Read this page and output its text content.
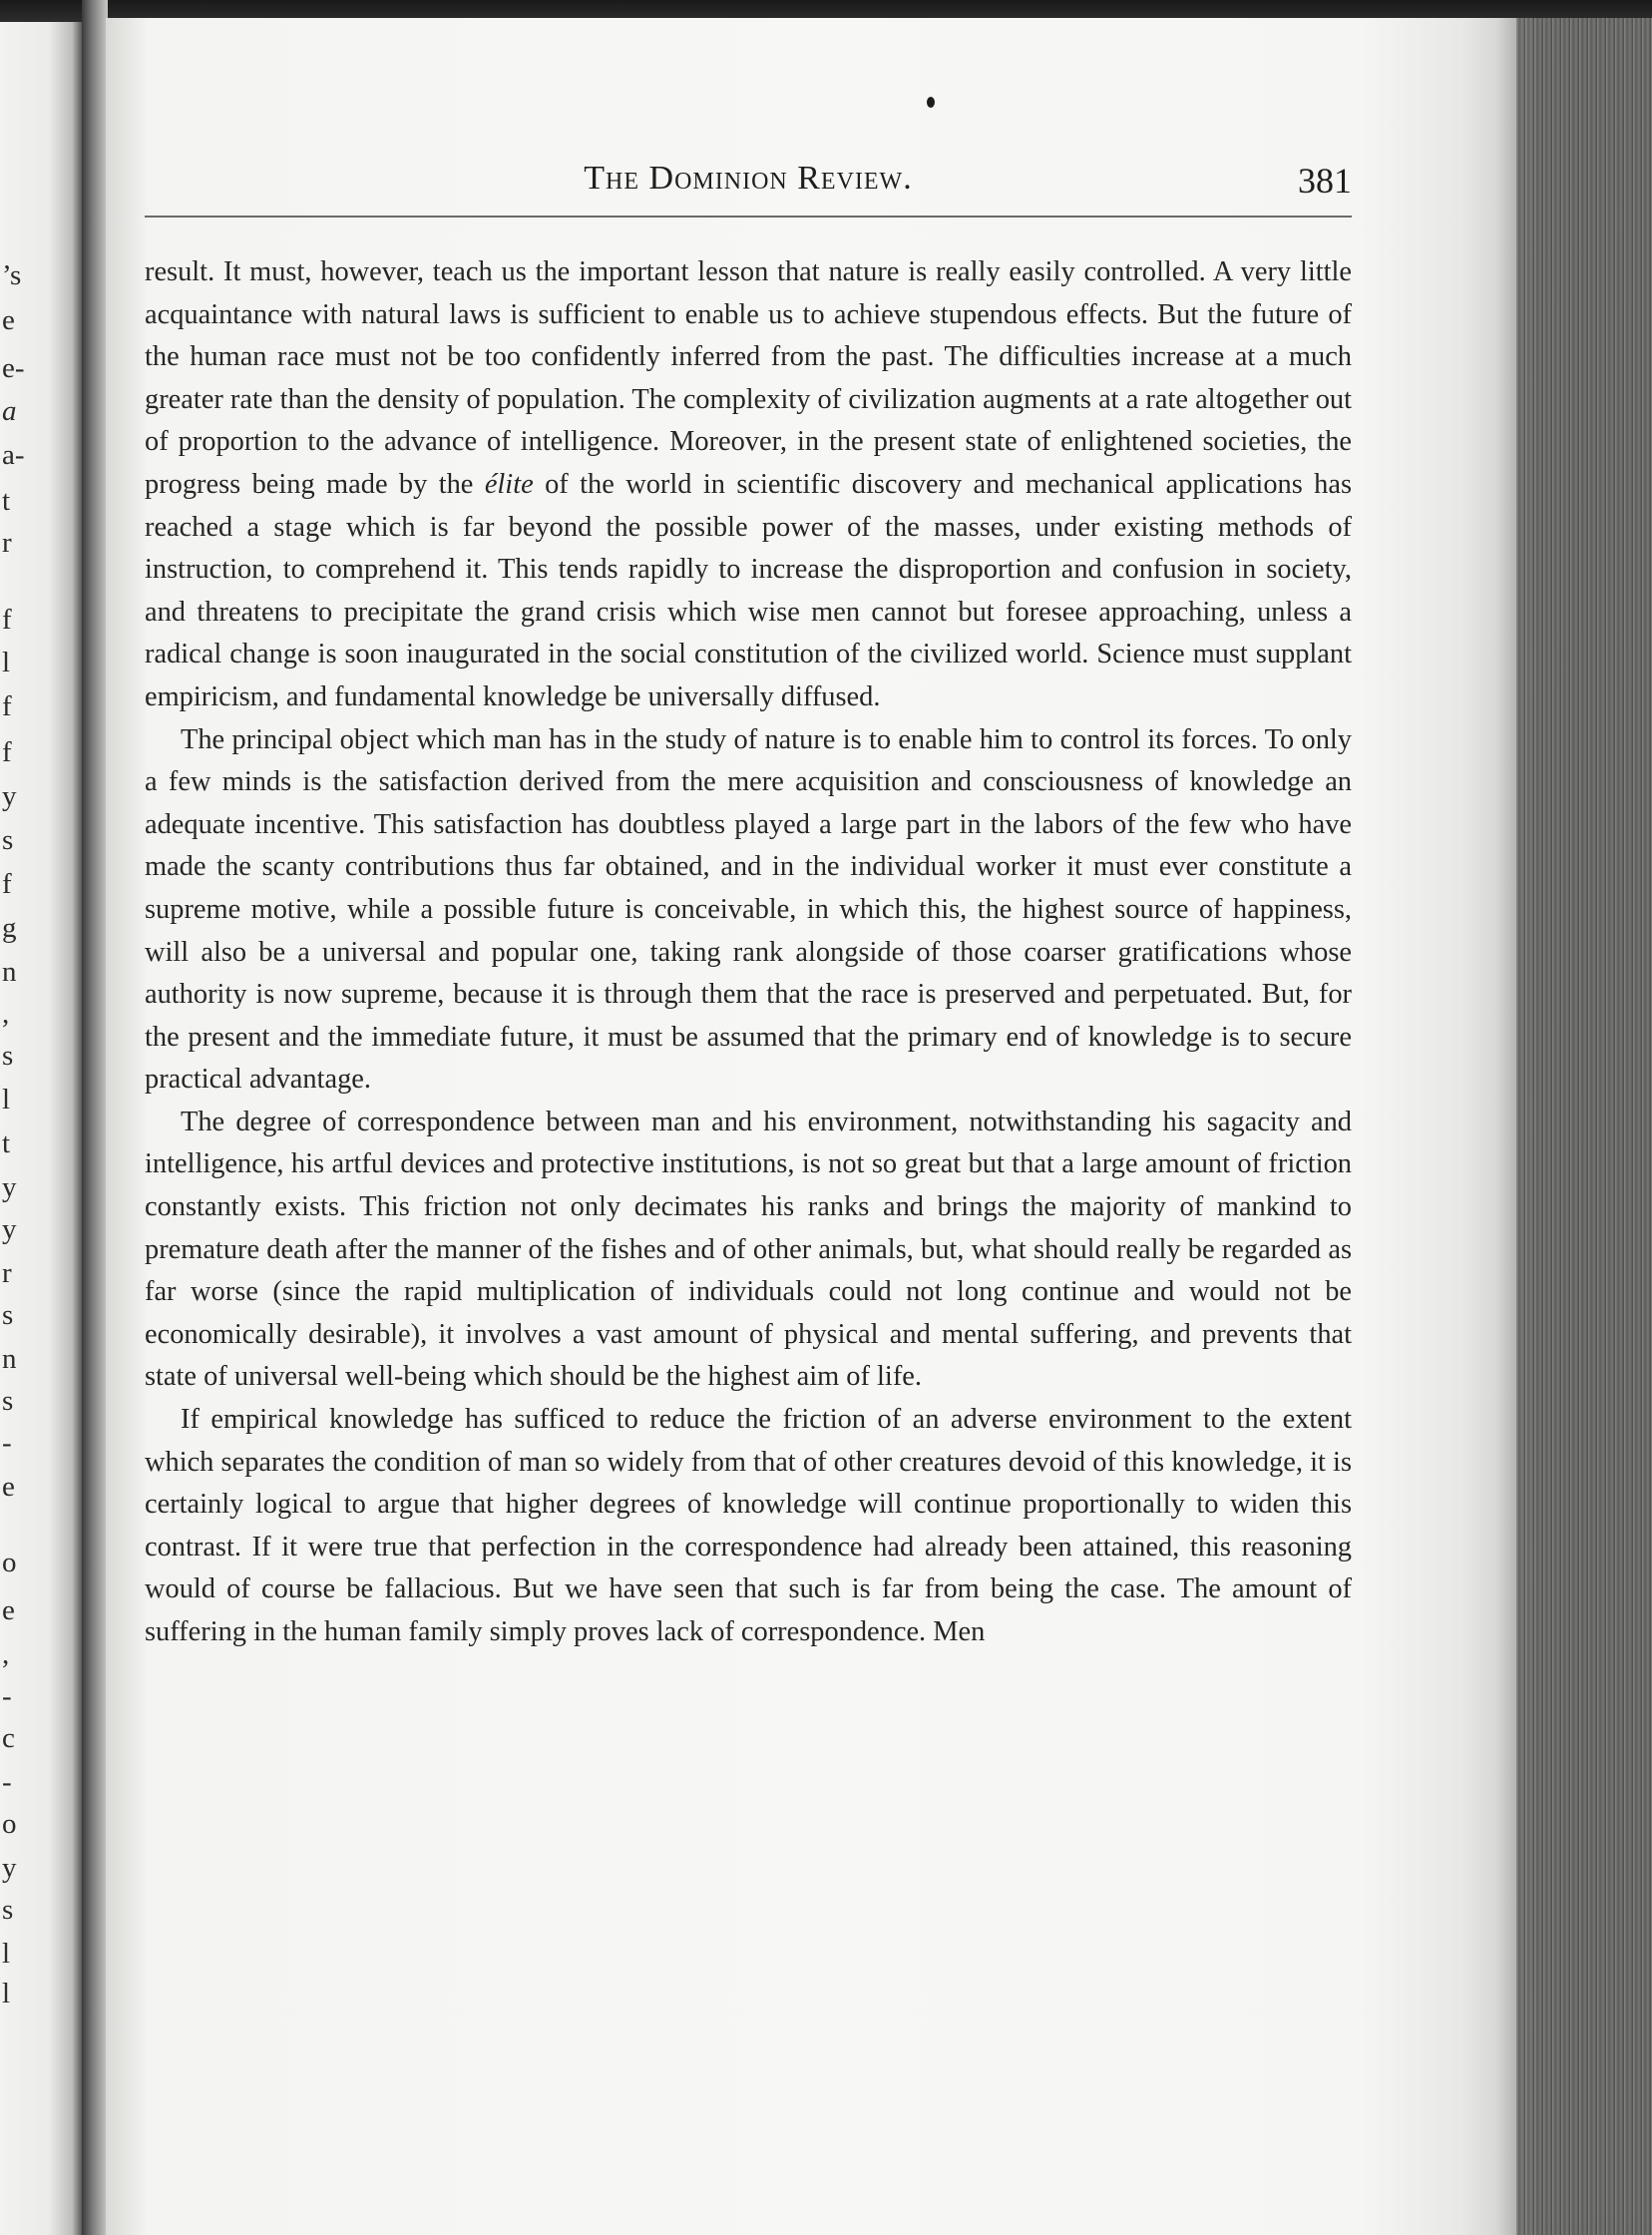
’s
e
e-
a
a-
t
r
f
l
f
f
y
s
f
g
n
,
s
l
t
y
y
r
s
n
s
-
e
o
e
,
-
c
-
o
y
s
l
l
The Dominion Review.	381

result. It must, however, teach us the important lesson that nature is really easily controlled. A very little acquaintance with natural laws is sufficient to enable us to achieve stupendous effects. But the future of the human race must not be too confidently inferred from the past. The difficulties increase at a much greater rate than the density of population. The complexity of civilization augments at a rate altogether out of proportion to the advance of intelligence. Moreover, in the present state of enlightened societies, the progress being made by the élite of the world in scientific discovery and mechanical applications has reached a stage which is far beyond the possible power of the masses, under existing methods of instruction, to comprehend it. This tends rapidly to increase the disproportion and confusion in society, and threatens to precipitate the grand crisis which wise men cannot but foresee approaching, unless a radical change is soon inaugurated in the social constitution of the civilized world. Science must supplant empiricism, and fundamental knowledge be universally diffused.

The principal object which man has in the study of nature is to enable him to control its forces. To only a few minds is the satisfaction derived from the mere acquisition and consciousness of knowledge an adequate incentive. This satisfaction has doubtless played a large part in the labors of the few who have made the scanty contributions thus far obtained, and in the individual worker it must ever constitute a supreme motive, while a possible future is conceivable, in which this, the highest source of happiness, will also be a universal and popular one, taking rank alongside of those coarser gratifications whose authority is now supreme, because it is through them that the race is preserved and perpetuated. But, for the present and the immediate future, it must be assumed that the primary end of knowledge is to secure practical advantage.

The degree of correspondence between man and his environment, notwithstanding his sagacity and intelligence, his artful devices and protective institutions, is not so great but that a large amount of friction constantly exists. This friction not only decimates his ranks and brings the majority of mankind to premature death after the manner of the fishes and of other animals, but, what should really be regarded as far worse (since the rapid multiplication of individuals could not long continue and would not be economically desirable), it involves a vast amount of physical and mental suffering, and prevents that state of universal well-being which should be the highest aim of life.

If empirical knowledge has sufficed to reduce the friction of an adverse environment to the extent which separates the condition of man so widely from that of other creatures devoid of this knowledge, it is certainly logical to argue that higher degrees of knowledge will continue proportionally to widen this contrast. If it were true that perfection in the correspondence had already been attained, this reasoning would of course be fallacious. But we have seen that such is far from being the case. The amount of suffering in the human family simply proves lack of correspondence. Men
